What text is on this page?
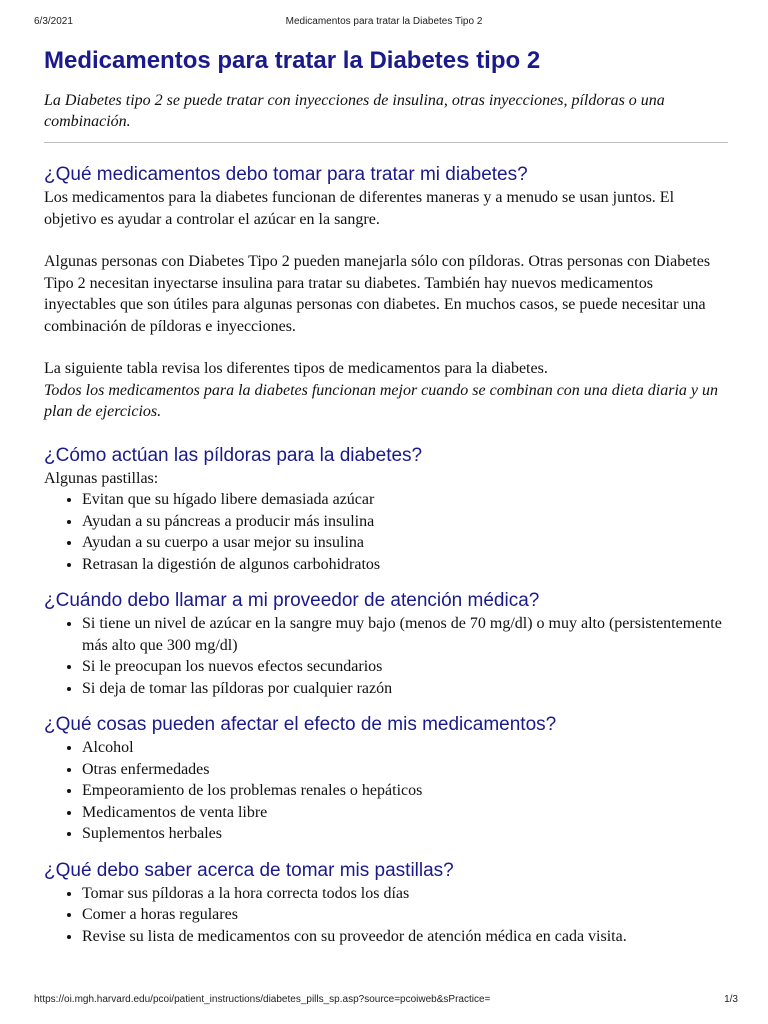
6/3/2021	Medicamentos para tratar la Diabetes Tipo 2
Medicamentos para tratar la Diabetes tipo 2

La Diabetes tipo 2 se puede tratar con inyecciones de insulina, otras inyecciones, píldoras o una combinación.

¿Qué medicamentos debo tomar para tratar mi diabetes?

Los medicamentos para la diabetes funcionan de diferentes maneras y a menudo se usan juntos. El objetivo es ayudar a controlar el azúcar en la sangre.

Algunas personas con Diabetes Tipo 2 pueden manejarla sólo con píldoras. Otras personas con Diabetes Tipo 2 necesitan inyectarse insulina para tratar su diabetes. También hay nuevos medicamentos inyectables que son útiles para algunas personas con diabetes. En muchos casos, se puede necesitar una combinación de píldoras e inyecciones.

La siguiente tabla revisa los diferentes tipos de medicamentos para la diabetes.

Todos los medicamentos para la diabetes funcionan mejor cuando se combinan con una dieta diaria y un plan de ejercicios.

¿Cómo actúan las píldoras para la diabetes?

Algunas pastillas:

• Evitan que su hígado libere demasiada azúcar
• Ayudan a su páncreas a producir más insulina
• Ayudan a su cuerpo a usar mejor su insulina
• Retrasan la digestión de algunos carbohidratos
¿Cuándo debo llamar a mi proveedor de atención médica?
• Si tiene un nivel de azúcar en la sangre muy bajo (menos de 70 mg/dl) o muy alto (persistentemente más alto que 300 mg/dl)
• Si le preocupan los nuevos efectos secundarios
• Si deja de tomar las píldoras por cualquier razón
¿Qué cosas pueden afectar el efecto de mis medicamentos?
• Alcohol
• Otras enfermedades
• Empeoramiento de los problemas renales o hepáticos
• Medicamentos de venta libre
• Suplementos herbales
¿Qué debo saber acerca de tomar mis pastillas?
• Tomar sus píldoras a la hora correcta todos los días
• Comer a horas regulares
• Revise su lista de medicamentos con su proveedor de atención médica en cada visita.
https://oi.mgh.harvard.edu/pcoi/patient_instructions/diabetes_pills_sp.asp?source=pcoiweb&sPractice=	1/3
